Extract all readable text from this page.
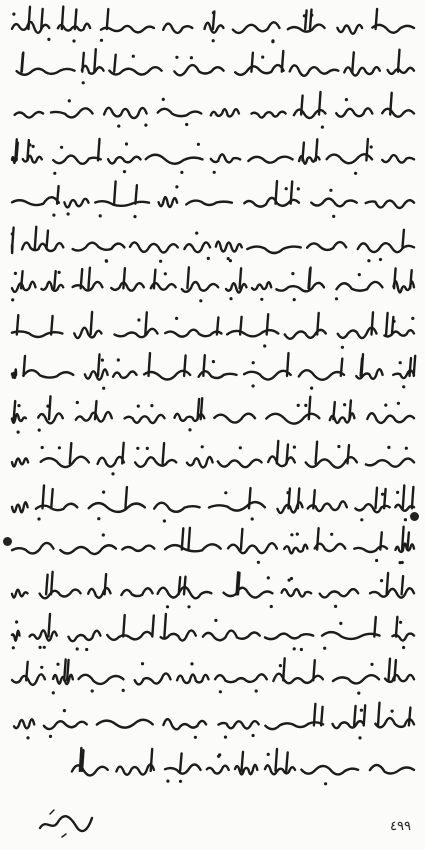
٤٩٩
